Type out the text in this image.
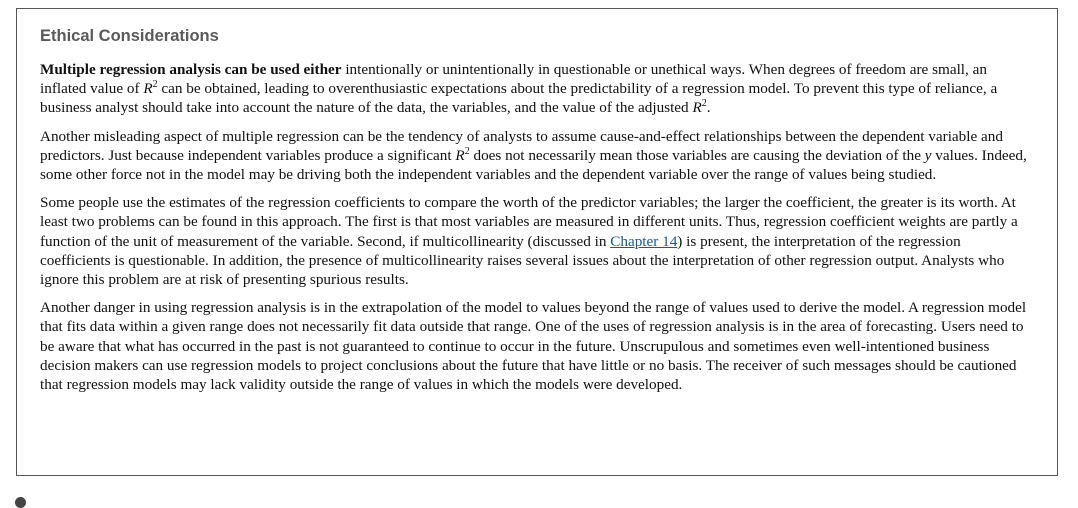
Ethical Considerations

Multiple regression analysis can be used either intentionally or unintentionally in questionable or unethical ways. When degrees of freedom are small, an inflated value of $R^2$ can be obtained, leading to overenthusiastic expectations about the predictability of a regression model. To prevent this type of reliance, a business analyst should take into account the nature of the data, the variables, and the value of the adjusted $R^2$.

Another misleading aspect of multiple regression can be the tendency of analysts to assume cause-and-effect relationships between the dependent variable and predictors. Just because independent variables produce a significant $R^2$ does not necessarily mean those variables are causing the deviation of the y values. Indeed, some other force not in the model may be driving both the independent variables and the dependent variable over the range of values being studied.

Some people use the estimates of the regression coefficients to compare the worth of the predictor variables; the larger the coefficient, the greater is its worth. At least two problems can be found in this approach. The first is that most variables are measured in different units. Thus, regression coefficient weights are partly a function of the unit of measurement of the variable. Second, if multicollinearity (discussed in Chapter 14) is present, the interpretation of the regression coefficients is questionable. In addition, the presence of multicollinearity raises several issues about the interpretation of other regression output. Analysts who ignore this problem are at risk of presenting spurious results.

Another danger in using regression analysis is in the extrapolation of the model to values beyond the range of values used to derive the model. A regression model that fits data within a given range does not necessarily fit data outside that range. One of the uses of regression analysis is in the area of forecasting. Users need to be aware that what has occurred in the past is not guaranteed to continue to occur in the future. Unscrupulous and sometimes even well-intentioned business decision makers can use regression models to project conclusions about the future that have little or no basis. The receiver of such messages should be cautioned that regression models may lack validity outside the range of values in which the models were developed.
